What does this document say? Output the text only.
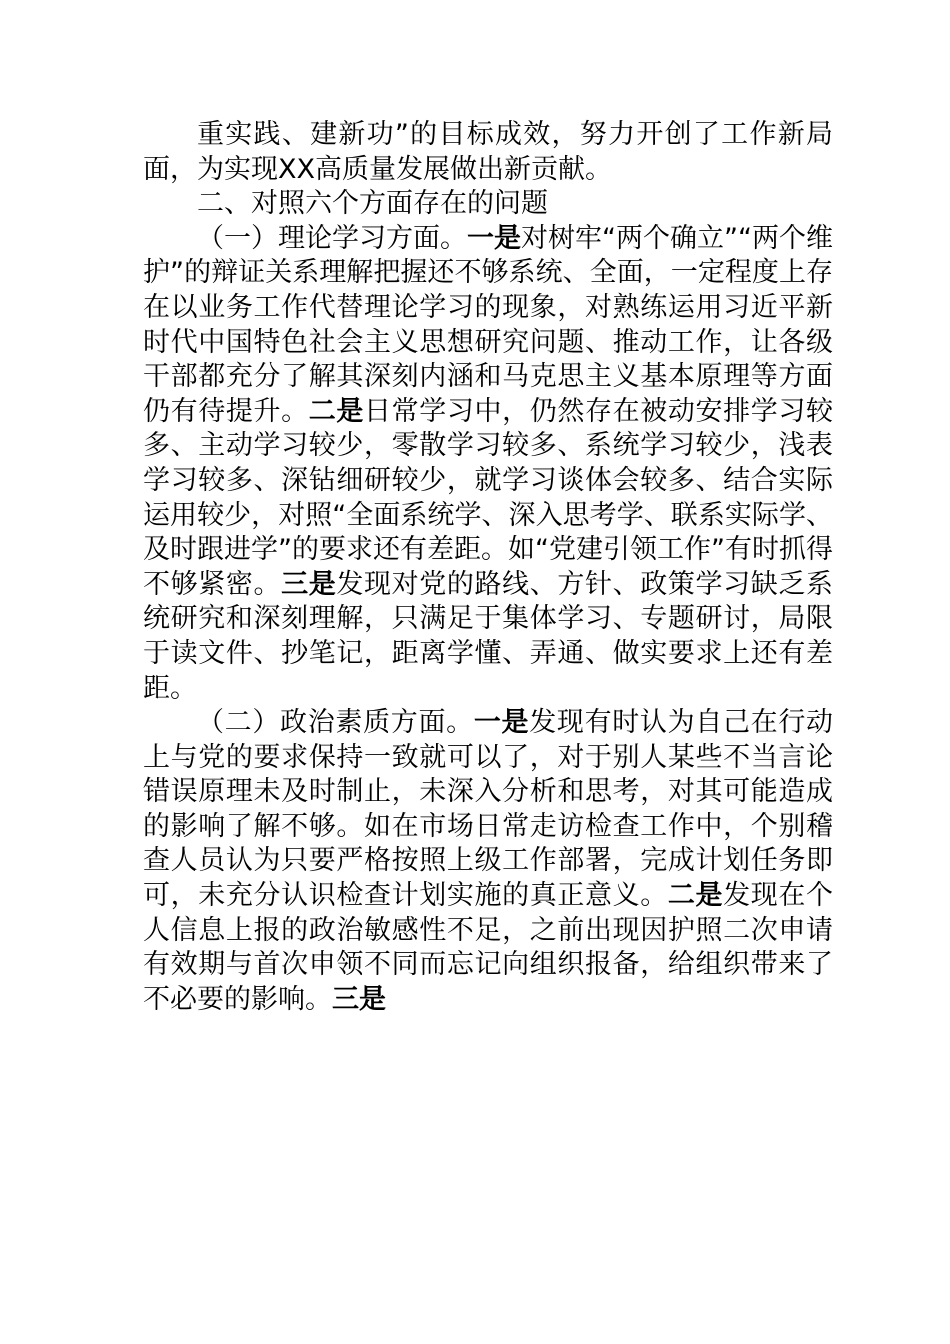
重实践、建新功”的目标成效，努力开创了工作新局面，为实现XX高质量发展做出新贡献。

二、对照六个方面存在的问题

（一）理论学习方面。一是对树牢“两个确立”“两个维护”的辩证关系理解把握还不够系统、全面，一定程度上存在以业务工作代替理论学习的现象，对熟练运用习近平新时代中国特色社会主义思想研究问题、推动工作，让各级干部都充分了解其深刻内涵和马克思主义基本原理等方面仍有待提升。二是日常学习中，仍然存在被动安排学习较多、主动学习较少，零散学习较多、系统学习较少，浅表学习较多、深钻细研较少，就学习谈体会较多、结合实际运用较少，对照“全面系统学、深入思考学、联系实际学、及时跟进学”的要求还有差距。如“党建引领工作”有时抓得不够紧密。三是发现对党的路线、方针、政策学习缺乏系统研究和深刻理解，只满足于集体学习、专题研讨，局限于读文件、抄笔记，距离学懂、弄通、做实要求上还有差距。

（二）政治素质方面。一是发现有时认为自己在行动上与党的要求保持一致就可以了，对于别人某些不当言论错误原理未及时制止，未深入分析和思考，对其可能造成的影响了解不够。如在市场日常走访检查工作中，个别稽查人员认为只要严格按照上级工作部署，完成计划任务即可，未充分认识检查计划实施的真正意义。二是发现在个人信息上报的政治敏感性不足，之前出现因护照二次申请有效期与首次申领不同而忘记向组织报备，给组织带来了不必要的影响。三是
